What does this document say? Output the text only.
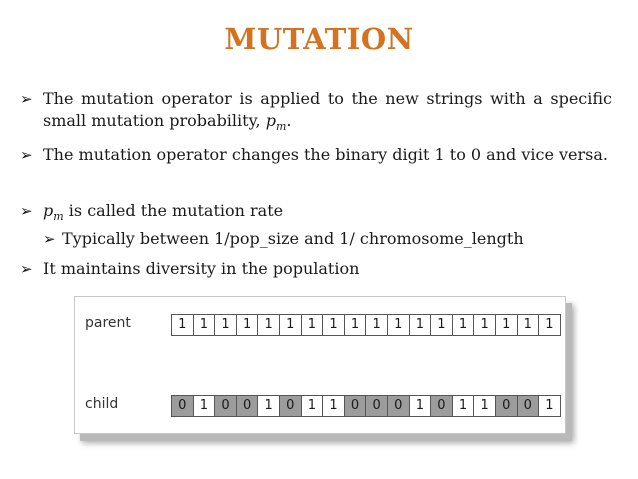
MUTATION
➢ The mutation operator is applied to the new strings with a specific small mutation probability, $p_m$.
➢ The mutation operator changes the binary digit 1 to 0 and vice versa.
➢ $p_m$ is called the mutation rate
➢ Typically between 1/pop_size and 1/ chromosome_length
➢ It maintains diversity in the population
parent	1	1	1	1	1	1	1	1	1	1	1	1	1	1	1	1	1	1
child	0	1	0	0	1	0	1	1	0	0	0	1	0	1	1	0	0	1
